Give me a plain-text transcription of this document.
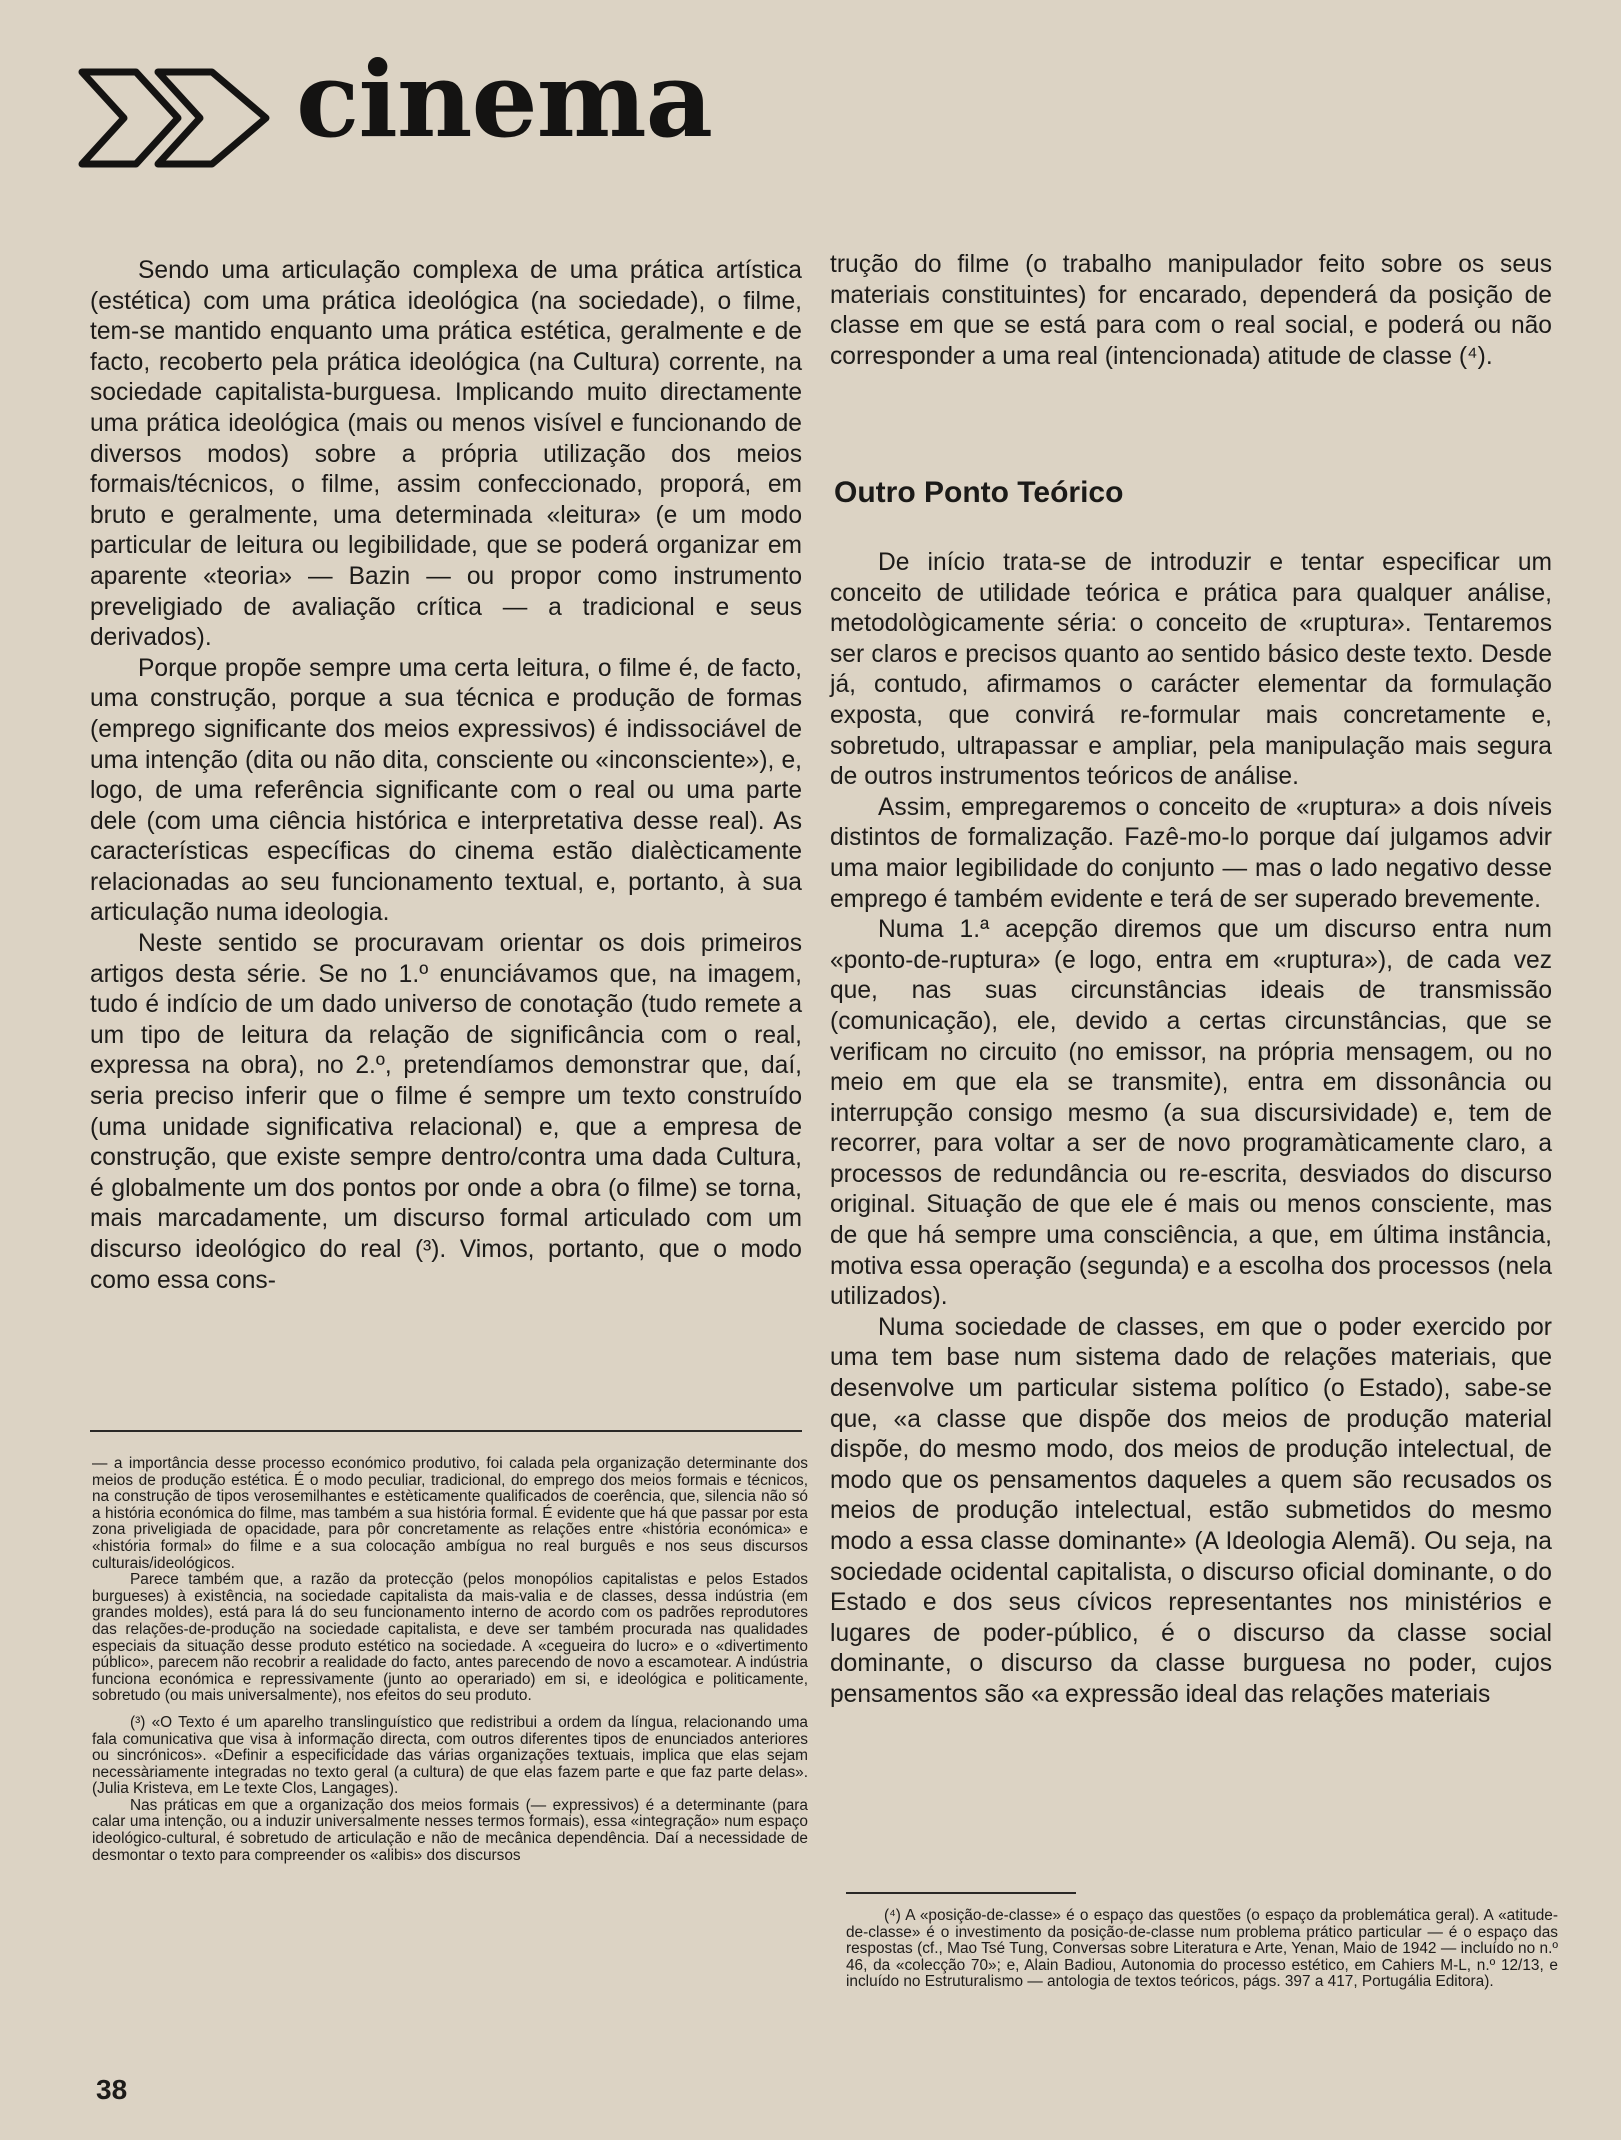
cinema

Sendo uma articulação complexa de uma prática artística (estética) com uma prática ideológica (na sociedade), o filme, tem-se mantido enquanto uma prática estética, geralmente e de facto, recoberto pela prática ideológica (na Cultura) corrente, na sociedade capitalista-burguesa. Implicando muito directamente uma prática ideológica (mais ou menos visível e funcionando de diversos modos) sobre a própria utilização dos meios formais/técnicos, o filme, assim confeccionado, proporá, em bruto e geralmente, uma determinada «leitura» (e um modo particular de leitura ou legibilidade, que se poderá organizar em aparente «teoria» — Bazin — ou propor como instrumento preveligiado de avaliação crítica — a tradicional e seus derivados).

Porque propõe sempre uma certa leitura, o filme é, de facto, uma construção, porque a sua técnica e produção de formas (emprego significante dos meios expressivos) é indissociável de uma intenção (dita ou não dita, consciente ou «inconsciente»), e, logo, de uma referência significante com o real ou uma parte dele (com uma ciência histórica e interpretativa desse real). As características específicas do cinema estão dialècticamente relacionadas ao seu funcionamento textual, e, portanto, à sua articulação numa ideologia.

Neste sentido se procuravam orientar os dois primeiros artigos desta série. Se no 1.º enunciávamos que, na imagem, tudo é indício de um dado universo de conotação (tudo remete a um tipo de leitura da relação de significância com o real, expressa na obra), no 2.º, pretendíamos demonstrar que, daí, seria preciso inferir que o filme é sempre um texto construído (uma unidade significativa relacional) e, que a empresa de construção, que existe sempre dentro/contra uma dada Cultura, é globalmente um dos pontos por onde a obra (o filme) se torna, mais marcadamente, um discurso formal articulado com um discurso ideológico do real (³). Vimos, portanto, que o modo como essa cons-

trução do filme (o trabalho manipulador feito sobre os seus materiais constituintes) for encarado, dependerá da posição de classe em que se está para com o real social, e poderá ou não corresponder a uma real (intencionada) atitude de classe (⁴).

Outro Ponto Teórico

De início trata-se de introduzir e tentar especificar um conceito de utilidade teórica e prática para qualquer análise, metodològicamente séria: o conceito de «ruptura». Tentaremos ser claros e precisos quanto ao sentido básico deste texto. Desde já, contudo, afirmamos o carácter elementar da formulação exposta, que convirá re-formular mais concretamente e, sobretudo, ultrapassar e ampliar, pela manipulação mais segura de outros instrumentos teóricos de análise.

Assim, empregaremos o conceito de «ruptura» a dois níveis distintos de formalização. Fazê-mo-lo porque daí julgamos advir uma maior legibilidade do conjunto — mas o lado negativo desse emprego é também evidente e terá de ser superado brevemente.

Numa 1.ª acepção diremos que um discurso entra num «ponto-de-ruptura» (e logo, entra em «ruptura»), de cada vez que, nas suas circunstâncias ideais de transmissão (comunicação), ele, devido a certas circunstâncias, que se verificam no circuito (no emissor, na própria mensagem, ou no meio em que ela se transmite), entra em dissonância ou interrupção consigo mesmo (a sua discursividade) e, tem de recorrer, para voltar a ser de novo programàticamente claro, a processos de redundância ou re-escrita, desviados do discurso original. Situação de que ele é mais ou menos consciente, mas de que há sempre uma consciência, a que, em última instância, motiva essa operação (segunda) e a escolha dos processos (nela utilizados).

Numa sociedade de classes, em que o poder exercido por uma tem base num sistema dado de relações materiais, que desenvolve um particular sistema político (o Estado), sabe-se que, «a classe que dispõe dos meios de produção material dispõe, do mesmo modo, dos meios de produção intelectual, de modo que os pensamentos daqueles a quem são recusados os meios de produção intelectual, estão submetidos do mesmo modo a essa classe dominante» (A Ideologia Alemã). Ou seja, na sociedade ocidental capitalista, o discurso oficial dominante, o do Estado e dos seus cívicos representantes nos ministérios e lugares de poder-público, é o discurso da classe social dominante, o discurso da classe burguesa no poder, cujos pensamentos são «a expressão ideal das relações materiais

— a importância desse processo económico produtivo, foi calada pela organização determinante dos meios de produção estética. É o modo peculiar, tradicional, do emprego dos meios formais e técnicos, na construção de tipos verosemilhantes e estèticamente qualificados de coerência, que, silencia não só a história económica do filme, mas também a sua história formal. É evidente que há que passar por esta zona priveligiada de opacidade, para pôr concretamente as relações entre «história económica» e «história formal» do filme e a sua colocação ambígua no real burguês e nos seus discursos culturais/ideológicos.

Parece também que, a razão da protecção (pelos monopólios capitalistas e pelos Estados burgueses) à existência, na sociedade capitalista da mais-valia e de classes, dessa indústria (em grandes moldes), está para lá do seu funcionamento interno de acordo com os padrões reprodutores das relações-de-produção na sociedade capitalista, e deve ser também procurada nas qualidades especiais da situação desse produto estético na sociedade. A «cegueira do lucro» e o «divertimento público», parecem não recobrir a realidade do facto, antes parecendo de novo a escamotear. A indústria funciona económica e repressivamente (junto ao operariado) em si, e ideológica e politicamente, sobretudo (ou mais universalmente), nos efeitos do seu produto.

(³) «O Texto é um aparelho translinguístico que redistribui a ordem da língua, relacionando uma fala comunicativa que visa à informação directa, com outros diferentes tipos de enunciados anteriores ou sincrónicos». «Definir a especificidade das várias organizações textuais, implica que elas sejam necessàriamente integradas no texto geral (a cultura) de que elas fazem parte e que faz parte delas». (Julia Kristeva, em Le texte Clos, Langages).

Nas práticas em que a organização dos meios formais (— expressivos) é a determinante (para calar uma intenção, ou a induzir universalmente nesses termos formais), essa «integração» num espaço ideológico-cultural, é sobretudo de articulação e não de mecânica dependência. Daí a necessidade de desmontar o texto para compreender os «alibis» dos discursos

(⁴) A «posição-de-classe» é o espaço das questões (o espaço da problemática geral). A «atitude-de-classe» é o investimento da posição-de-classe num problema prático particular — é o espaço das respostas (cf., Mao Tsé Tung, Conversas sobre Literatura e Arte, Yenan, Maio de 1942 — incluído no n.º 46, da «colecção 70»; e, Alain Badiou, Autonomia do processo estético, em Cahiers M-L, n.º 12/13, e incluído no Estruturalismo — antologia de textos teóricos, págs. 397 a 417, Portugália Editora).

38
